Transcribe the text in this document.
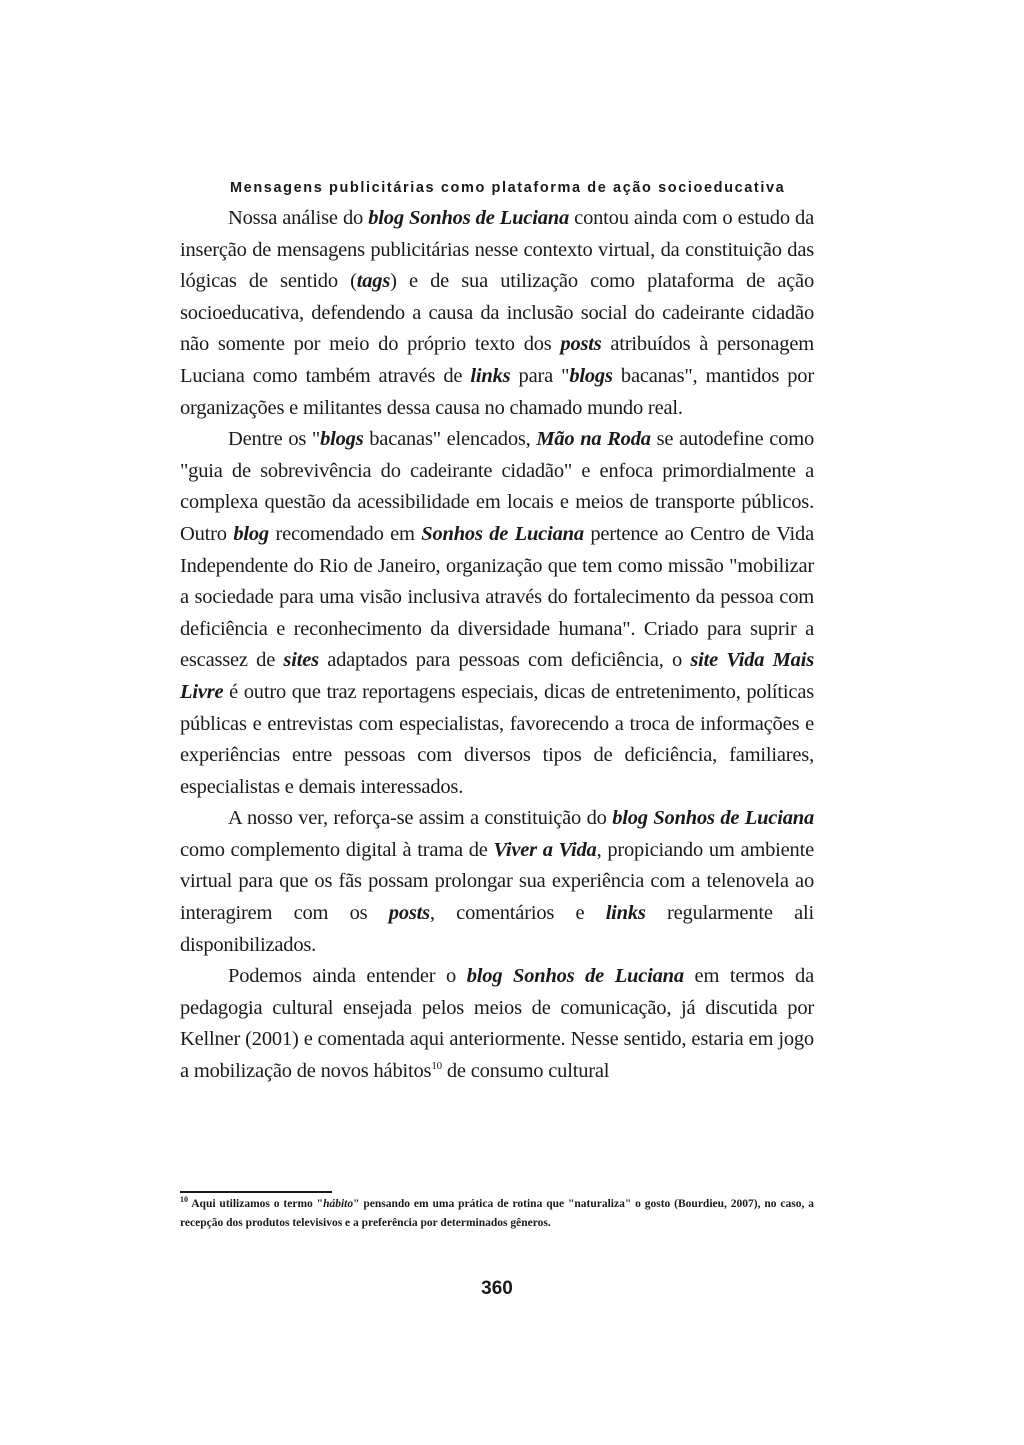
Mensagens publicitárias como plataforma de ação socioeducativa

Nossa análise do blog Sonhos de Luciana contou ainda com o estudo da inserção de mensagens publicitárias nesse contexto virtual, da constituição das lógicas de sentido (tags) e de sua utilização como plataforma de ação socioeducativa, defendendo a causa da inclusão social do cadeirante cidadão não somente por meio do próprio texto dos posts atribuídos à personagem Luciana como também através de links para "blogs bacanas", mantidos por organizações e militantes dessa causa no chamado mundo real.

Dentre os "blogs bacanas" elencados, Mão na Roda se autodefine como "guia de sobrevivência do cadeirante cidadão" e enfoca primordialmente a complexa questão da acessibilidade em locais e meios de transporte públicos. Outro blog recomendado em Sonhos de Luciana pertence ao Centro de Vida Independente do Rio de Janeiro, organização que tem como missão "mobilizar a sociedade para uma visão inclusiva através do fortalecimento da pessoa com deficiência e reconhecimento da diversidade humana". Criado para suprir a escassez de sites adaptados para pessoas com deficiência, o site Vida Mais Livre é outro que traz reportagens especiais, dicas de entretenimento, políticas públicas e entrevistas com especialistas, favorecendo a troca de informações e experiências entre pessoas com diversos tipos de deficiência, familiares, especialistas e demais interessados.

A nosso ver, reforça-se assim a constituição do blog Sonhos de Luciana como complemento digital à trama de Viver a Vida, propiciando um ambiente virtual para que os fãs possam prolongar sua experiência com a telenovela ao interagirem com os posts, comentários e links regularmente ali disponibilizados.

Podemos ainda entender o blog Sonhos de Luciana em termos da pedagogia cultural ensejada pelos meios de comunicação, já discutida por Kellner (2001) e comentada aqui anteriormente. Nesse sentido, estaria em jogo a mobilização de novos hábitos$^{10}$ de consumo cultural

$^{10}$ Aqui utilizamos o termo "hábito" pensando em uma prática de rotina que "naturaliza" o gosto (Bourdieu, 2007), no caso, a recepção dos produtos televisivos e a preferência por determinados gêneros.
360
